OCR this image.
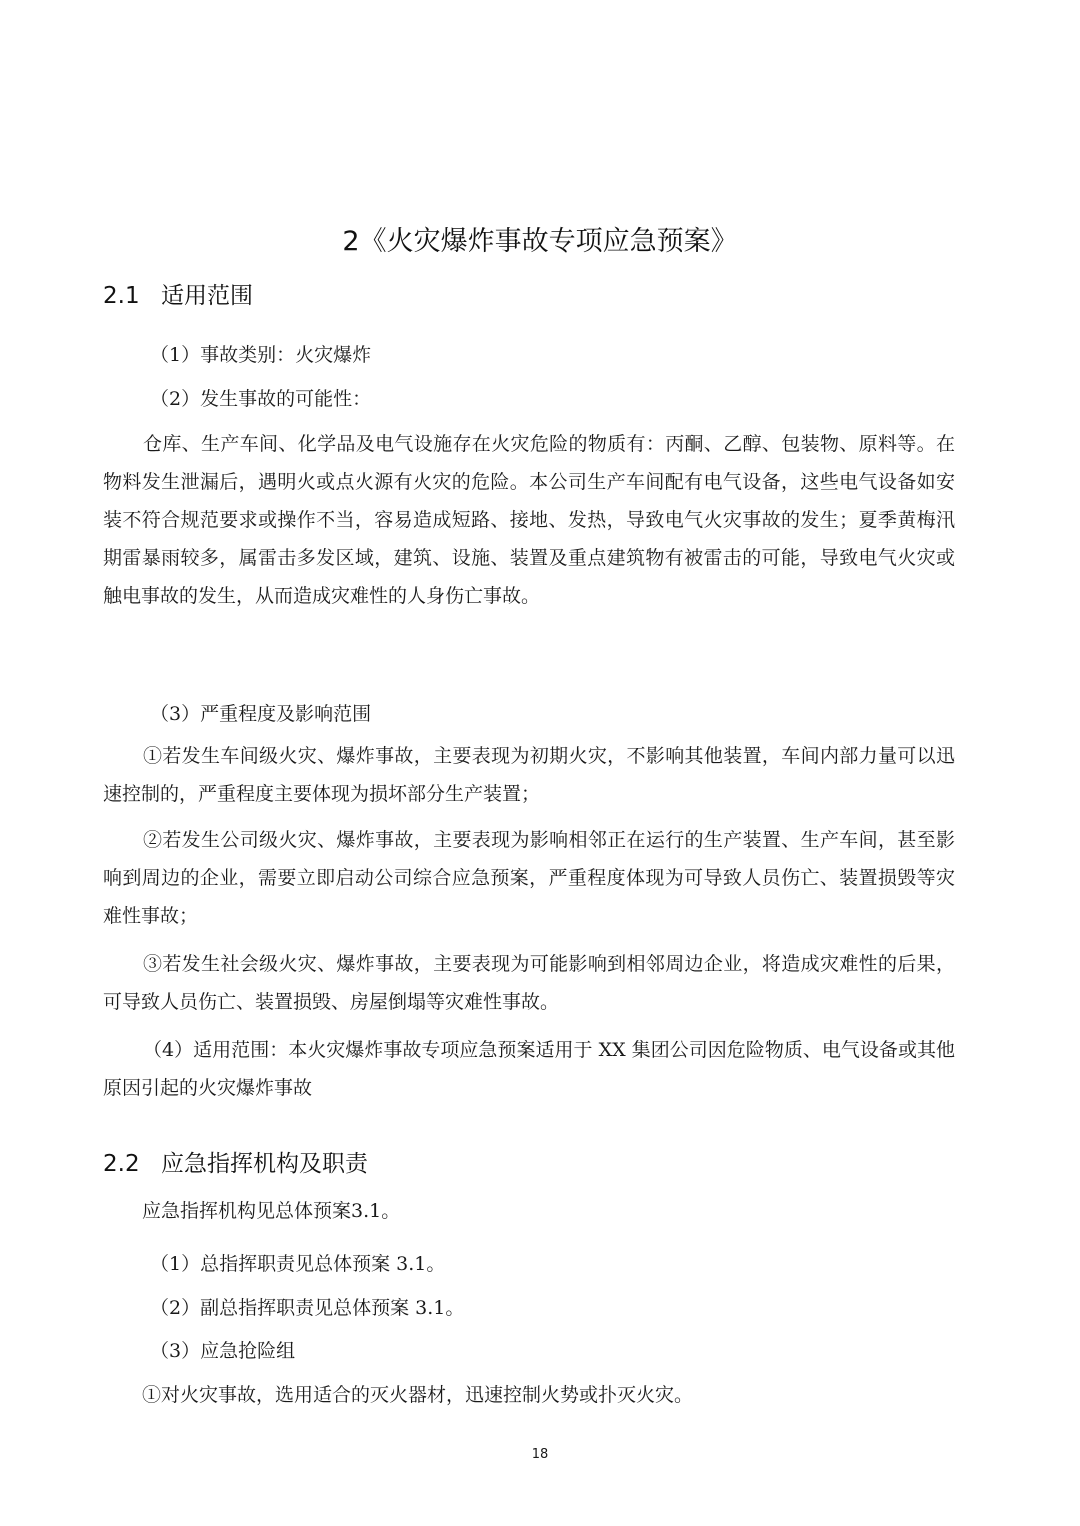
2《火灾爆炸事故专项应急预案》
2.1 适用范围
（1）事故类别：火灾爆炸
（2）发生事故的可能性：
仓库、生产车间、化学品及电气设施存在火灾危险的物质有：丙酮、乙醇、包装物、原料等。在物料发生泄漏后，遇明火或点火源有火灾的危险。本公司生产车间配有电气设备，这些电气设备如安装不符合规范要求或操作不当，容易造成短路、接地、发热，导致电气火灾事故的发生；夏季黄梅汛期雷暴雨较多，属雷击多发区域，建筑、设施、装置及重点建筑物有被雷击的可能，导致电气火灾或触电事故的发生，从而造成灾难性的人身伤亡事故。
（3）严重程度及影响范围
①若发生车间级火灾、爆炸事故，主要表现为初期火灾，不影响其他装置，车间内部力量可以迅速控制的，严重程度主要体现为损坏部分生产装置；
②若发生公司级火灾、爆炸事故，主要表现为影响相邻正在运行的生产装置、生产车间，甚至影响到周边的企业，需要立即启动公司综合应急预案，严重程度体现为可导致人员伤亡、装置损毁等灾难性事故；
③若发生社会级火灾、爆炸事故，主要表现为可能影响到相邻周边企业，将造成灾难性的后果，可导致人员伤亡、装置损毁、房屋倒塌等灾难性事故。
（4）适用范围：本火灾爆炸事故专项应急预案适用于 XX 集团公司因危险物质、电气设备或其他原因引起的火灾爆炸事故
2.2 应急指挥机构及职责
应急指挥机构见总体预案3.1。
（1）总指挥职责见总体预案 3.1。
（2）副总指挥职责见总体预案 3.1。
（3）应急抢险组
①对火灾事故，选用适合的灭火器材，迅速控制火势或扑灭火灾。
18
